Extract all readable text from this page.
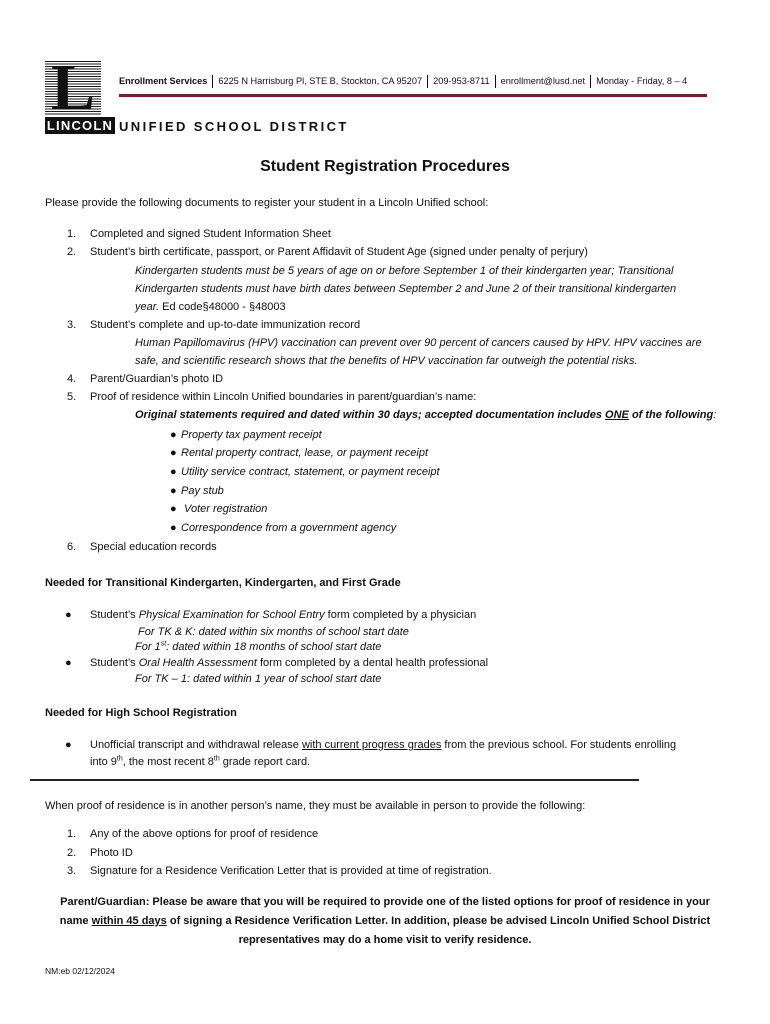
L
LINCOLN UNIFIED SCHOOL DISTRICT
Enrollment Services 6225 N Harrisburg Pl, STE B, Stockton, CA 95207 209-953-8711 enrollment@lusd.net Monday - Friday, 8 – 4
Student Registration Procedures
Please provide the following documents to register your student in a Lincoln Unified school:
1. Completed and signed Student Information Sheet
2. Student’s birth certificate, passport, or Parent Affidavit of Student Age (signed under penalty of perjury)
Kindergarten students must be 5 years of age on or before September 1 of their kindergarten year; Transitional
Kindergarten students must have birth dates between September 2 and June 2 of their transitional kindergarten
year. Ed code§48000 - §48003
3. Student’s complete and up-to-date immunization record
Human Papillomavirus (HPV) vaccination can prevent over 90 percent of cancers caused by HPV. HPV vaccines are
safe, and scientific research shows that the benefits of HPV vaccination far outweigh the potential risks.
4. Parent/Guardian’s photo ID
5. Proof of residence within Lincoln Unified boundaries in parent/guardian’s name:
Original statements required and dated within 30 days; accepted documentation includes ONE of the following:
● Property tax payment receipt
● Rental property contract, lease, or payment receipt
● Utility service contract, statement, or payment receipt
● Pay stub
● Voter registration
● Correspondence from a government agency
6. Special education records
Needed for Transitional Kindergarten, Kindergarten, and First Grade
● Student’s Physical Examination for School Entry form completed by a physician
For TK & K: dated within six months of school start date
For 1st: dated within 18 months of school start date
● Student’s Oral Health Assessment form completed by a dental health professional
For TK – 1: dated within 1 year of school start date
Needed for High School Registration
● Unofficial transcript and withdrawal release with current progress grades from the previous school. For students enrolling
into 9th, the most recent 8th grade report card.
When proof of residence is in another person’s name, they must be available in person to provide the following:
1. Any of the above options for proof of residence
2. Photo ID
3. Signature for a Residence Verification Letter that is provided at time of registration.
Parent/Guardian: Please be aware that you will be required to provide one of the listed options for proof of residence in your
name within 45 days of signing a Residence Verification Letter. In addition, please be advised Lincoln Unified School District
representatives may do a home visit to verify residence.
NM:eb 02/12/2024
